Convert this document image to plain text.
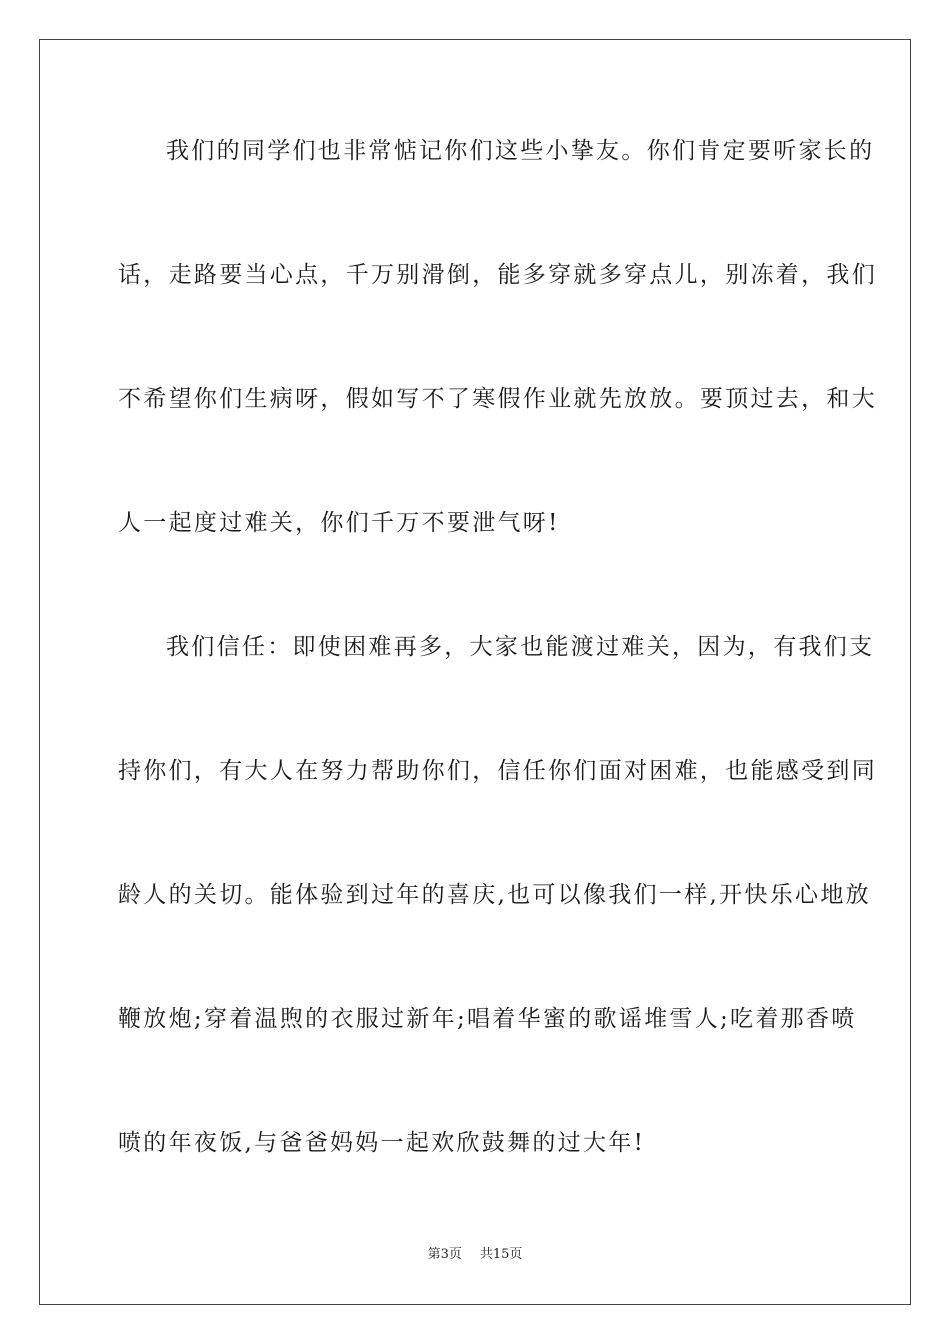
我们的同学们也非常惦记你们这些小挚友。你们肯定要听家长的
话，走路要当心点，千万别滑倒，能多穿就多穿点儿，别冻着，我们
不希望你们生病呀，假如写不了寒假作业就先放放。要顶过去，和大
人一起度过难关，你们千万不要泄气呀!
我们信任：即使困难再多，大家也能渡过难关，因为，有我们支
持你们，有大人在努力帮助你们，信任你们面对困难，也能感受到同
龄人的关切。能体验到过年的喜庆,也可以像我们一样,开快乐心地放
鞭放炮;穿着温煦的衣服过新年;唱着华蜜的歌谣堆雪人;吃着那香喷
喷的年夜饭,与爸爸妈妈一起欢欣鼓舞的过大年!
第3页 共15页
